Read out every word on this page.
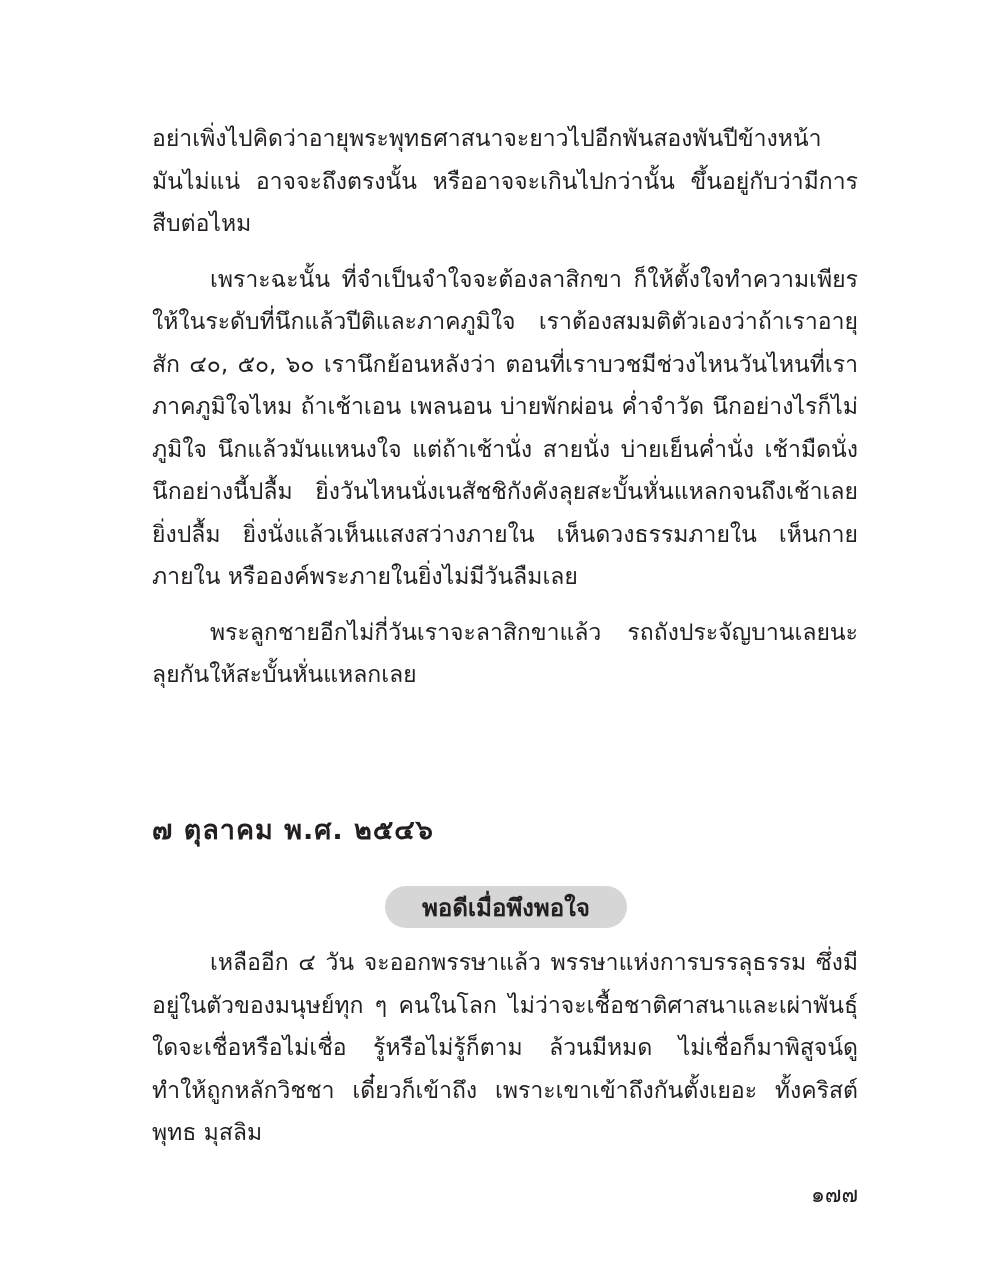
อย่าเพิ่งไปคิดว่าอายุพระพุทธศาสนาจะยาวไปอีกพันสองพันปีข้างหน้า มันไม่แน่ อาจจะถึงตรงนั้น หรืออาจจะเกินไปกว่านั้น ขึ้นอยู่กับว่ามีการสืบต่อไหม

เพราะฉะนั้น ที่จำเป็นจำใจจะต้องลาสิกขา ก็ให้ตั้งใจทำความเพียรให้ในระดับที่นึกแล้วปีติและภาคภูมิใจ เราต้องสมมติตัวเองว่าถ้าเราอายุสัก ๔๐, ๕๐, ๖๐ เรานึกย้อนหลังว่า ตอนที่เราบวชมีช่วงไหนวันไหนที่เราภาคภูมิใจไหม ถ้าเช้าเอน เพลนอน บ่ายพักผ่อน ค่ำจำวัด นึกอย่างไรก็ไม่ภูมิใจ นึกแล้วมันแหนงใจ แต่ถ้าเช้านั่ง สายนั่ง บ่ายเย็นค่ำนั่ง เช้ามืดนั่ง นึกอย่างนี้ปลื้ม ยิ่งวันไหนนั่งเนสัชชิกังคังลุยสะบั้นหั่นแหลกจนถึงเช้าเลย ยิ่งปลื้ม ยิ่งนั่งแล้วเห็นแสงสว่างภายใน เห็นดวงธรรมภายใน เห็นกายภายใน หรือองค์พระภายในยิ่งไม่มีวันลืมเลย

พระลูกชายอีกไม่กี่วันเราจะลาสิกขาแล้ว รถถังประจัญบานเลยนะ ลุยกันให้สะบั้นหั่นแหลกเลย

๗ ตุลาคม พ.ศ. ๒๕๔๖
พอดีเมื่อพึงพอใจ

เหลืออีก ๔ วัน จะออกพรรษาแล้ว พรรษาแห่งการบรรลุธรรม ซึ่งมีอยู่ในตัวของมนุษย์ทุก ๆ คนในโลก ไม่ว่าจะเชื้อชาติศาสนาและเผ่าพันธุ์ใดจะเชื่อหรือไม่เชื่อ รู้หรือไม่รู้ก็ตาม ล้วนมีหมด ไม่เชื่อก็มาพิสูจน์ดู ทำให้ถูกหลักวิชชา เดี๋ยวก็เข้าถึง เพราะเขาเข้าถึงกันตั้งเยอะ ทั้งคริสต์ พุทธ มุสลิม

๑๗๗
